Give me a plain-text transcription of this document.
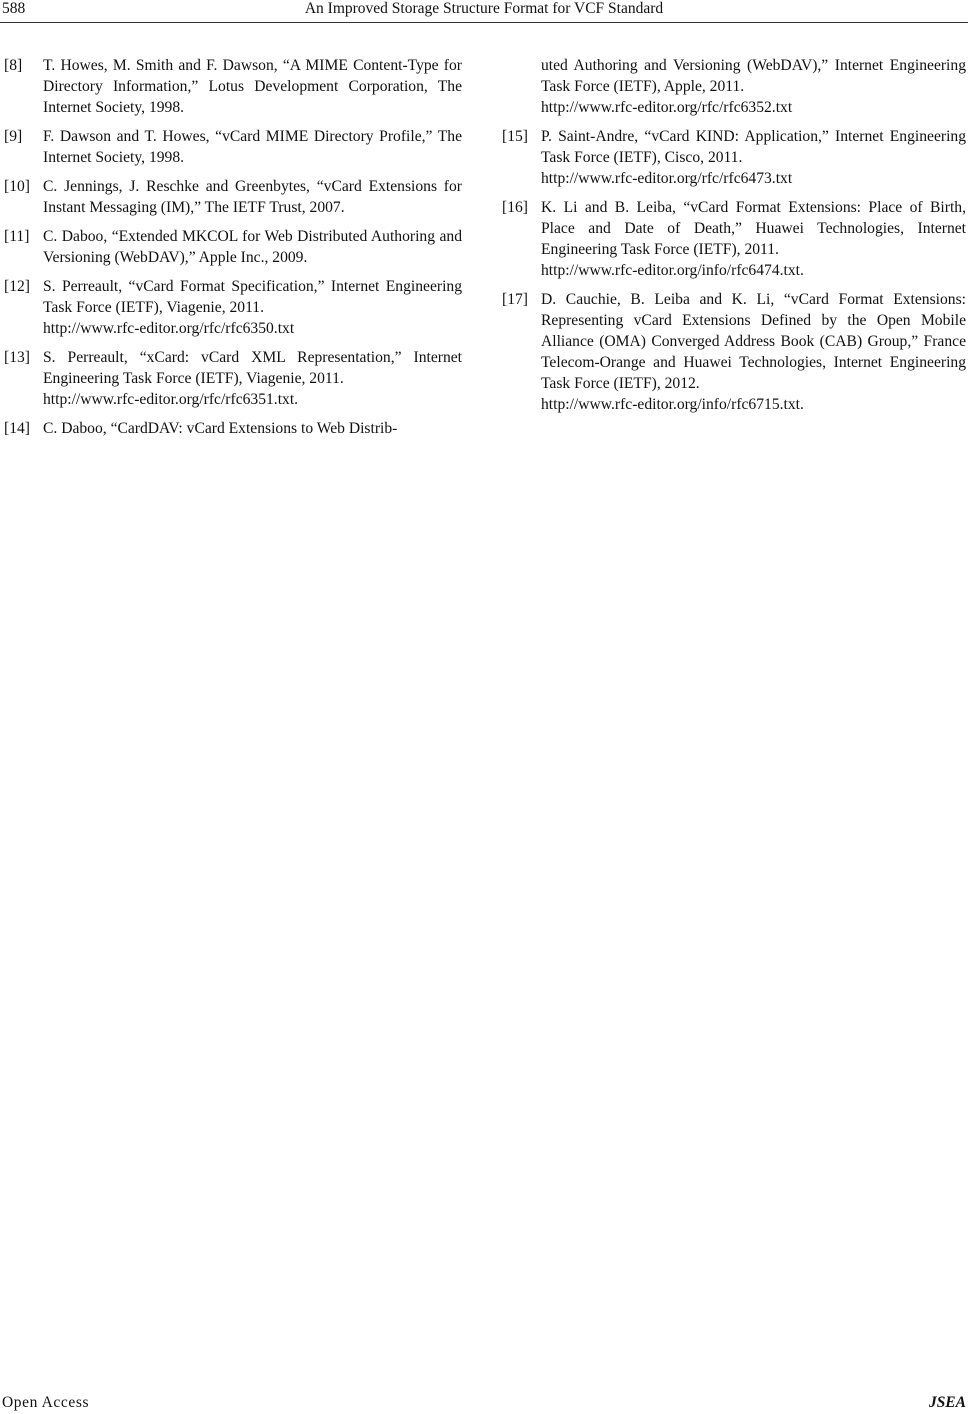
588	An Improved Storage Structure Format for VCF Standard
[8]	T. Howes, M. Smith and F. Dawson, “A MIME Content-Type for Directory Information,” Lotus Development Corporation, The Internet Society, 1998.
[9]	F. Dawson and T. Howes, “vCard MIME Directory Profile,” The Internet Society, 1998.
[10] C. Jennings, J. Reschke and Greenbytes, “vCard Extensions for Instant Messaging (IM),” The IETF Trust, 2007.
[11] C. Daboo, “Extended MKCOL for Web Distributed Authoring and Versioning (WebDAV),” Apple Inc., 2009.
[12] S. Perreault, “vCard Format Specification,” Internet Engineering Task Force (IETF), Viagenie, 2011.
http://www.rfc-editor.org/rfc/rfc6350.txt
[13] S. Perreault, “xCard: vCard XML Representation,” Internet Engineering Task Force (IETF), Viagenie, 2011.
http://www.rfc-editor.org/rfc/rfc6351.txt.
[14] C. Daboo, “CardDAV: vCard Extensions to Web Distrib-
uted Authoring and Versioning (WebDAV),” Internet Engineering Task Force (IETF), Apple, 2011.
http://www.rfc-editor.org/rfc/rfc6352.txt
[15] P. Saint-Andre, “vCard KIND: Application,” Internet Engineering Task Force (IETF), Cisco, 2011.
http://www.rfc-editor.org/rfc/rfc6473.txt
[16] K. Li and B. Leiba, “vCard Format Extensions: Place of Birth, Place and Date of Death,” Huawei Technologies, Internet Engineering Task Force (IETF), 2011.
http://www.rfc-editor.org/info/rfc6474.txt.
[17] D. Cauchie, B. Leiba and K. Li, “vCard Format Extensions: Representing vCard Extensions Defined by the Open Mobile Alliance (OMA) Converged Address Book (CAB) Group,” France Telecom-Orange and Huawei Technologies, Internet Engineering Task Force (IETF), 2012.
http://www.rfc-editor.org/info/rfc6715.txt.
Open Access	JSEA
